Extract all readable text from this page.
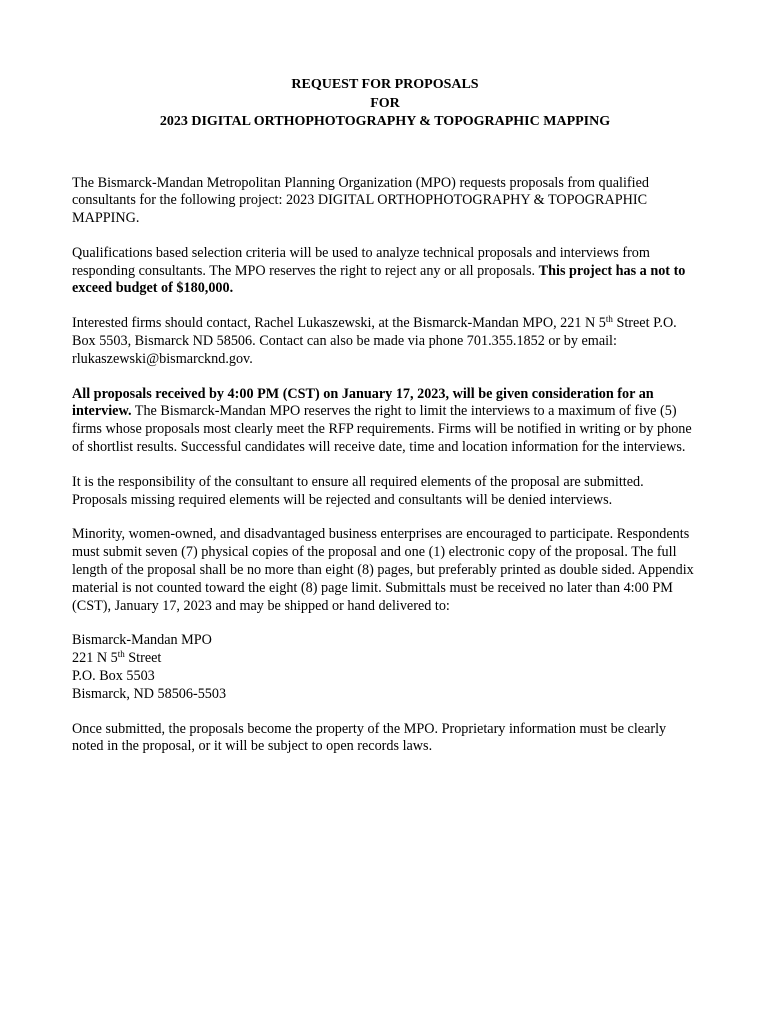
REQUEST FOR PROPOSALS
FOR
2023 DIGITAL ORTHOPHOTOGRAPHY & TOPOGRAPHIC MAPPING

The Bismarck-Mandan Metropolitan Planning Organization (MPO) requests proposals from qualified consultants for the following project: 2023 DIGITAL ORTHOPHOTOGRAPHY & TOPOGRAPHIC MAPPING.

Qualifications based selection criteria will be used to analyze technical proposals and interviews from responding consultants. The MPO reserves the right to reject any or all proposals. This project has a not to exceed budget of $180,000.

Interested firms should contact, Rachel Lukaszewski, at the Bismarck-Mandan MPO, 221 N 5th Street P.O. Box 5503, Bismarck ND 58506. Contact can also be made via phone 701.355.1852 or by email: rlukaszewski@bismarcknd.gov.

All proposals received by 4:00 PM (CST) on January 17, 2023, will be given consideration for an interview. The Bismarck-Mandan MPO reserves the right to limit the interviews to a maximum of five (5) firms whose proposals most clearly meet the RFP requirements. Firms will be notified in writing or by phone of shortlist results. Successful candidates will receive date, time and location information for the interviews.

It is the responsibility of the consultant to ensure all required elements of the proposal are submitted. Proposals missing required elements will be rejected and consultants will be denied interviews.

Minority, women-owned, and disadvantaged business enterprises are encouraged to participate. Respondents must submit seven (7) physical copies of the proposal and one (1) electronic copy of the proposal. The full length of the proposal shall be no more than eight (8) pages, but preferably printed as double sided. Appendix material is not counted toward the eight (8) page limit. Submittals must be received no later than 4:00 PM (CST), January 17, 2023 and may be shipped or hand delivered to:

Bismarck-Mandan MPO
221 N 5th Street
P.O. Box 5503
Bismarck, ND 58506-5503

Once submitted, the proposals become the property of the MPO. Proprietary information must be clearly noted in the proposal, or it will be subject to open records laws.
